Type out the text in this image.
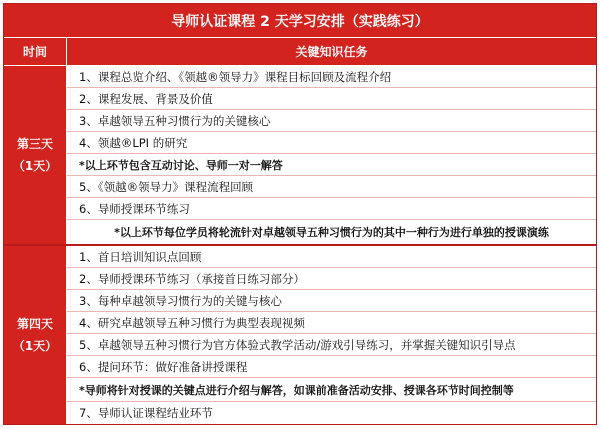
导师认证课程 2 天学习安排（实践练习）
时间	关键知识任务
第三天
（1天）
1、课程总览介绍、《领越®领导力》课程目标回顾及流程介绍
2、课程发展、背景及价值
3、卓越领导五种习惯行为的关键核心
4、领越®LPI 的研究
*以上环节包含互动讨论、导师一对一解答
5、《领越®领导力》课程流程回顾
6、导师授课环节练习
*以上环节每位学员将轮流针对卓越领导五种习惯行为的其中一种行为进行单独的授课演练
第四天
（1天）
1、首日培训知识点回顾
2、导师授课环节练习（承接首日练习部分）
3、每种卓越领导习惯行为的关键与核心
4、研究卓越领导五种习惯行为典型表现视频
5、卓越领导五种习惯行为官方体验式教学活动/游戏引导练习，并掌握关键知识引导点
6、提问环节：做好准备讲授课程
*导师将针对授课的关键点进行介绍与解答，如课前准备活动安排、授课各环节时间控制等
7、导师认证课程结业环节
